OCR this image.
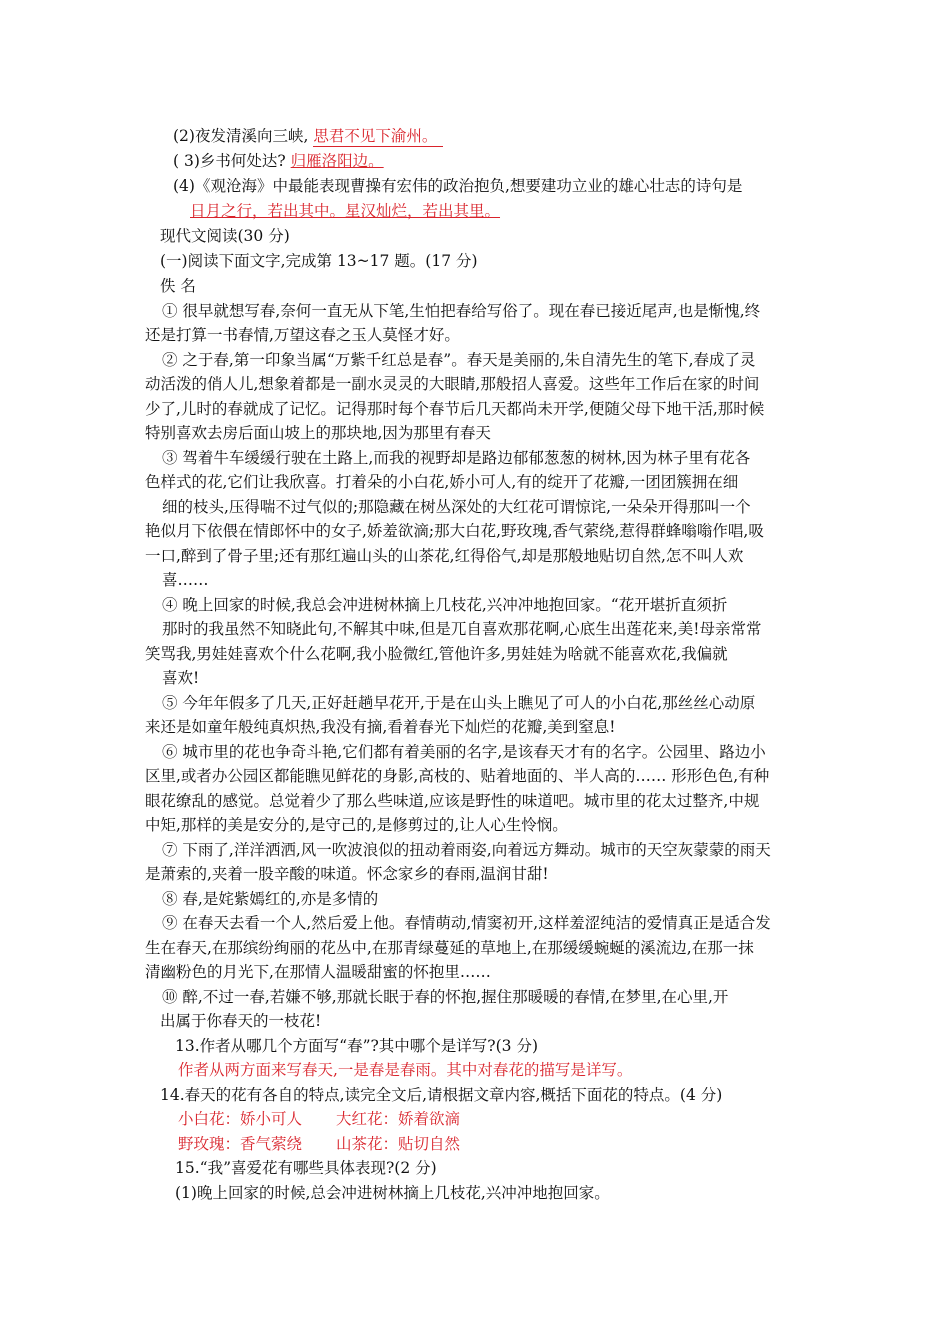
(2)夜发清溪向三峡, 思君不见下渝州。
( 3)乡书何处达? 归雁洛阳边。
(4)《观沧海》中最能表现曹操有宏伟的政治抱负,想要建功立业的雄心壮志的诗句是
日月之行，若出其中。星汉灿烂，若出其里。
现代文阅读(30 分)
(一)阅读下面文字,完成第 13~17 题。(17 分)
佚 名
① 很早就想写春,奈何一直无从下笔,生怕把春给写俗了。现在春已接近尾声,也是惭愧,终
还是打算一书春情,万望这春之玉人莫怪才好。
② 之于春,第一印象当属“万紫千红总是春”。春天是美丽的,朱自清先生的笔下,春成了灵
动活泼的俏人儿,想象着都是一副水灵灵的大眼睛,那般招人喜爱。这些年工作后在家的时间
少了,儿时的春就成了记忆。记得那时每个春节后几天都尚未开学,便随父母下地干活,那时候
特别喜欢去房后面山坡上的那块地,因为那里有春天
③ 驾着牛车缓缓行驶在土路上,而我的视野却是路边郁郁葱葱的树林,因为林子里有花各
色样式的花,它们让我欣喜。打着朵的小白花,娇小可人,有的绽开了花瓣,一团团簇拥在细
细的枝头,压得喘不过气似的;那隐藏在树丛深处的大红花可谓惊诧,一朵朵开得那叫一个
艳似月下依偎在情郎怀中的女子,娇羞欲滴;那大白花,野玫瑰,香气萦绕,惹得群蜂嗡嗡作唱,吸
一口,醉到了骨子里;还有那红遍山头的山茶花,红得俗气,却是那般地贴切自然,怎不叫人欢
喜……
④ 晚上回家的时候,我总会冲进树林摘上几枝花,兴冲冲地抱回家。“花开堪折直须折
那时的我虽然不知晓此句,不解其中味,但是兀自喜欢那花啊,心底生出莲花来,美!母亲常常
笑骂我,男娃娃喜欢个什么花啊,我小脸微红,管他许多,男娃娃为啥就不能喜欢花,我偏就
喜欢!
⑤ 今年年假多了几天,正好赶趟早花开,于是在山头上瞧见了可人的小白花,那丝丝心动原
来还是如童年般纯真炽热,我没有摘,看着春光下灿烂的花瓣,美到窒息!
⑥ 城市里的花也争奇斗艳,它们都有着美丽的名字,是该春天才有的名字。公园里、路边小
区里,或者办公园区都能瞧见鲜花的身影,高枝的、贴着地面的、半人高的…… 形形色色,有种
眼花缭乱的感觉。总觉着少了那么些味道,应该是野性的味道吧。城市里的花太过整齐,中规
中矩,那样的美是安分的,是守己的,是修剪过的,让人心生怜悯。
⑦ 下雨了,洋洋洒洒,风一吹波浪似的扭动着雨姿,向着远方舞动。城市的天空灰蒙蒙的雨天
是萧索的,夹着一股辛酸的味道。怀念家乡的春雨,温润甘甜!
⑧ 春,是姹紫嫣红的,亦是多情的
⑨ 在春天去看一个人,然后爱上他。春情萌动,情窦初开,这样羞涩纯洁的爱情真正是适合发
生在春天,在那缤纷绚丽的花丛中,在那青绿蔓延的草地上,在那缓缓蜿蜒的溪流边,在那一抹
清幽粉色的月光下,在那情人温暖甜蜜的怀抱里……
⑩ 醉,不过一春,若嫌不够,那就长眠于春的怀抱,握住那暖暖的春情,在梦里,在心里,开
出属于你春天的一枝花!
13.作者从哪几个方面写“春”?其中哪个是详写?(3 分)
作者从两方面来写春天,一是春是春雨。其中对春花的描写是详写。
14.春天的花有各自的特点,读完全文后,请根据文章内容,概括下面花的特点。(4 分)
小白花：娇小可人 大红花：娇着欲滴
野玫瑰：香气萦绕 山茶花：贴切自然
15.“我”喜爱花有哪些具体表现?(2 分)
(1)晚上回家的时候,总会冲进树林摘上几枝花,兴冲冲地抱回家。
